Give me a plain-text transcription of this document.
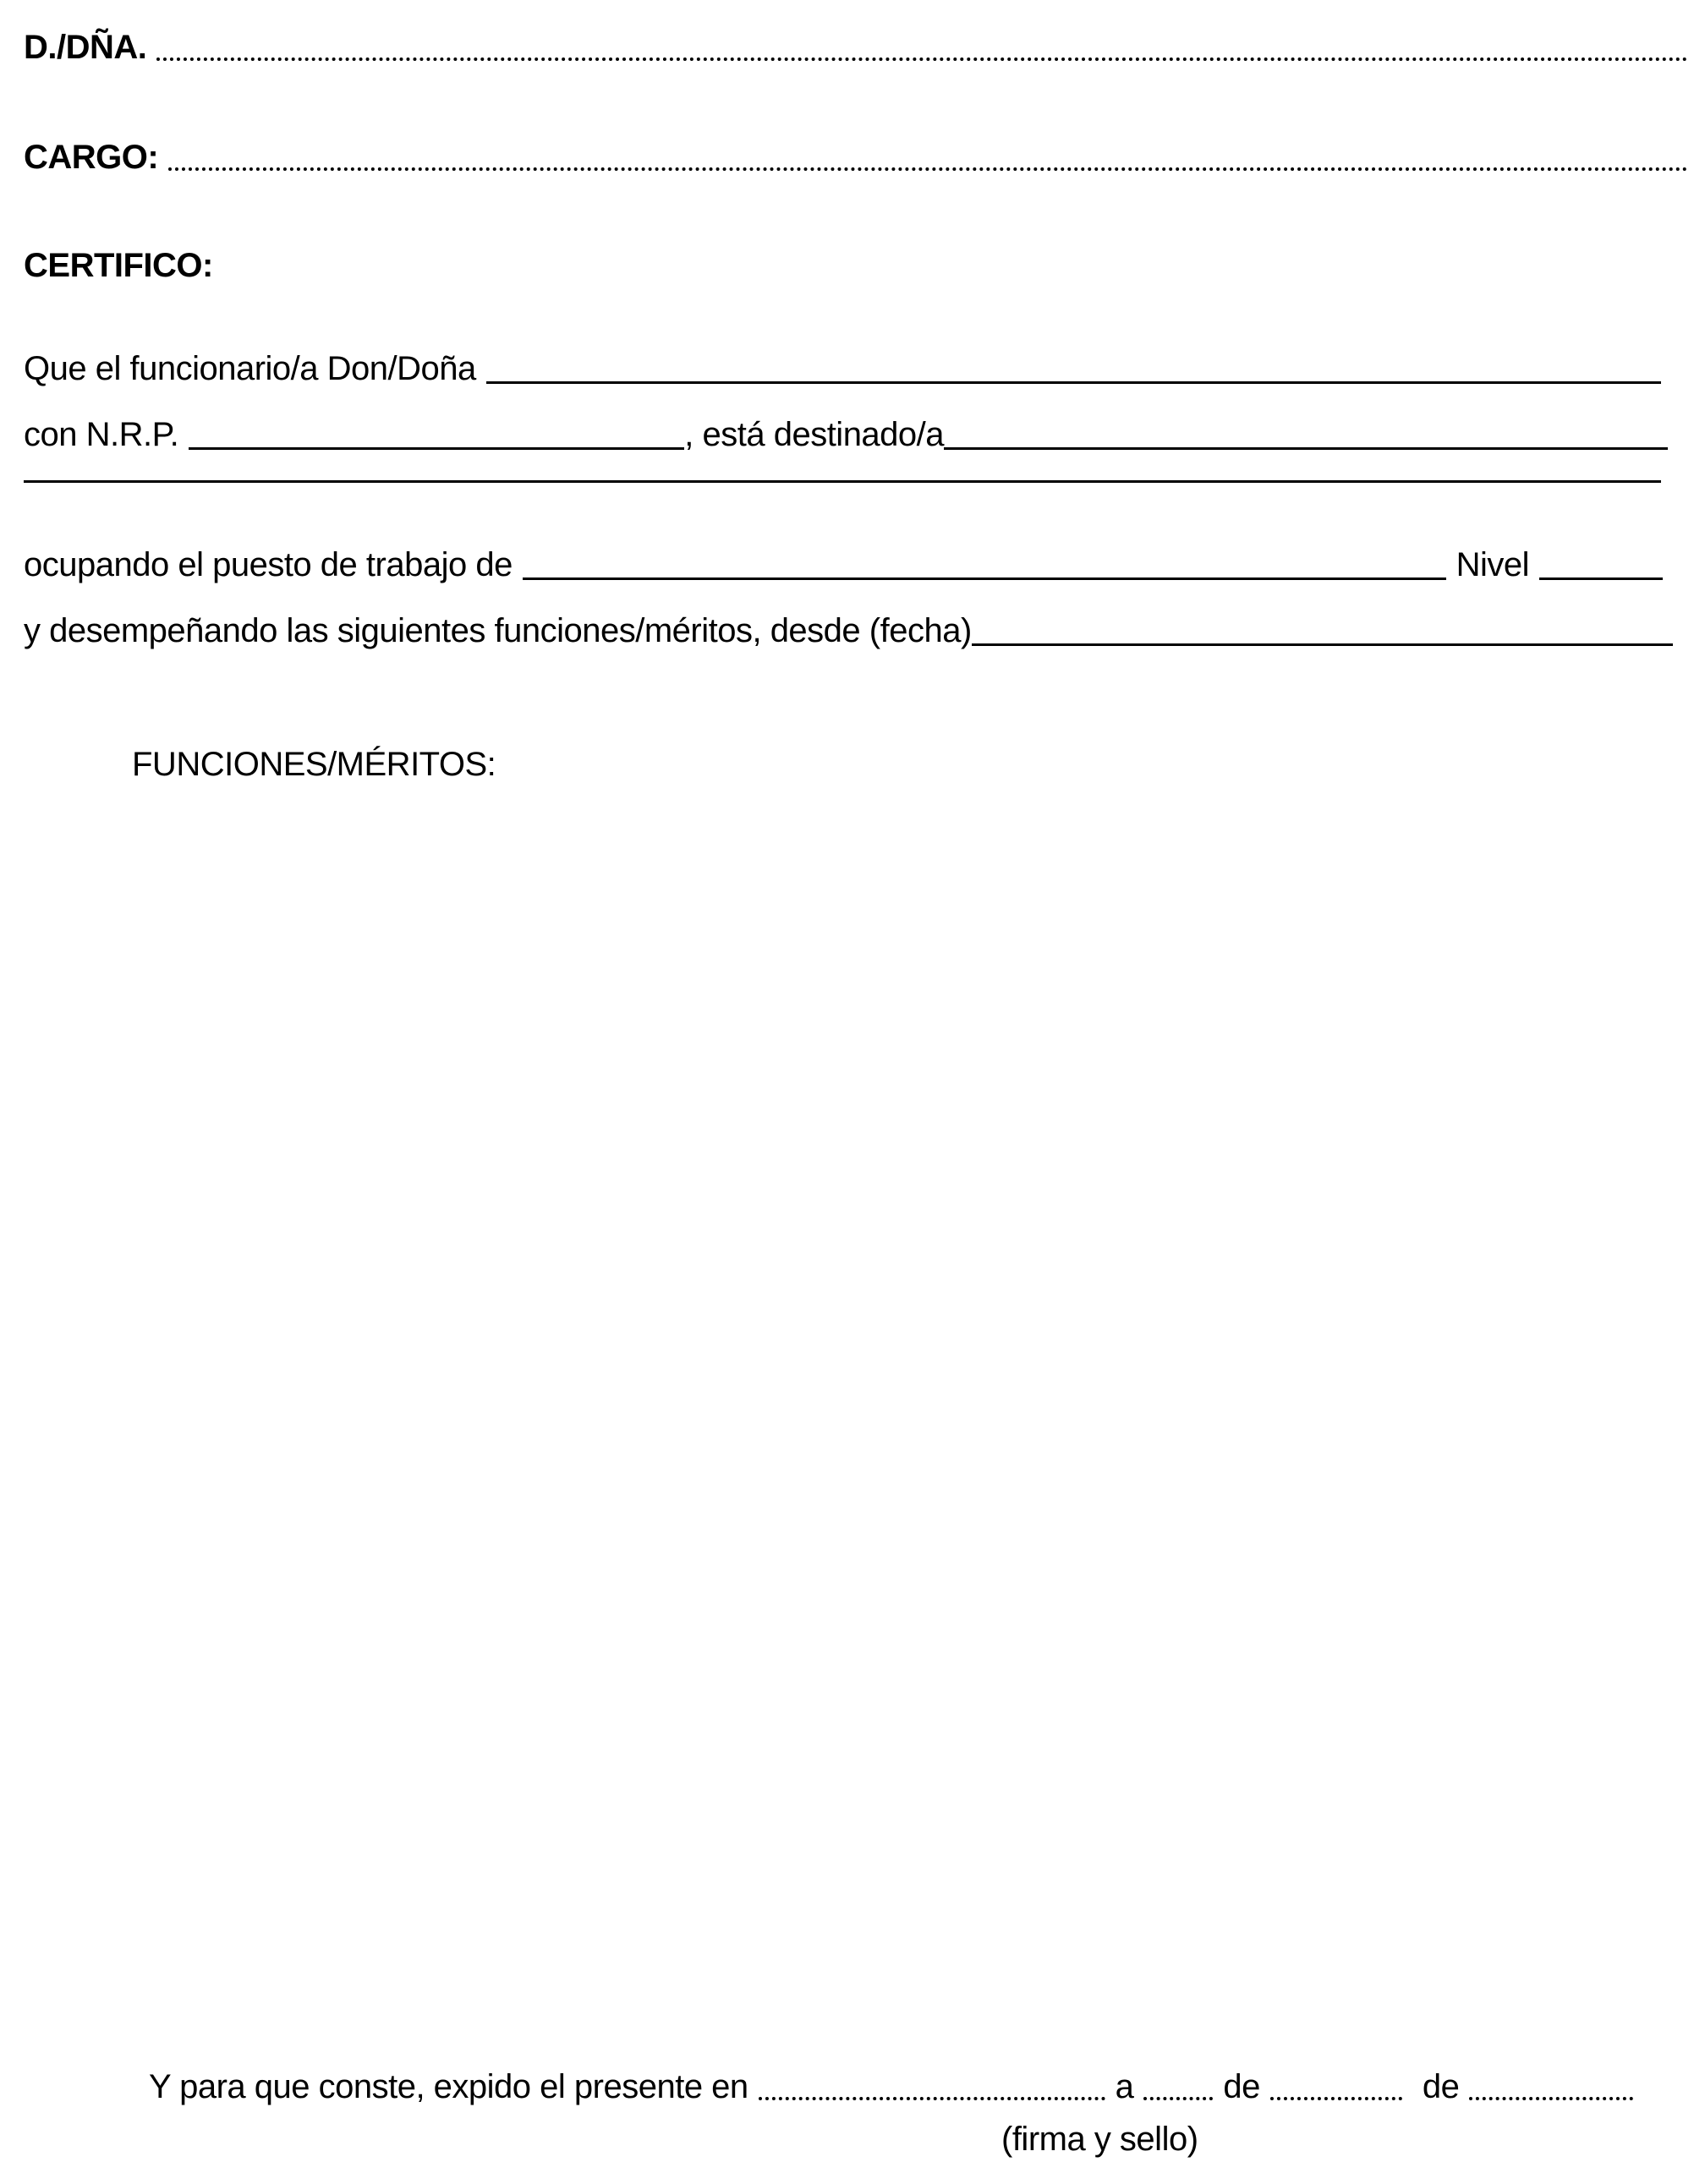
D./DÑA.
CARGO:
CERTIFICO:
Que el funcionario/a Don/Doña
con N.R.P.	, está destinado/a
ocupando el puesto de trabajo de	Nivel
y desempeñando las siguientes funciones/méritos, desde (fecha)
FUNCIONES/MÉRITOS:
Y para que conste, expido el presente en	a	de	de
(firma y sello)
